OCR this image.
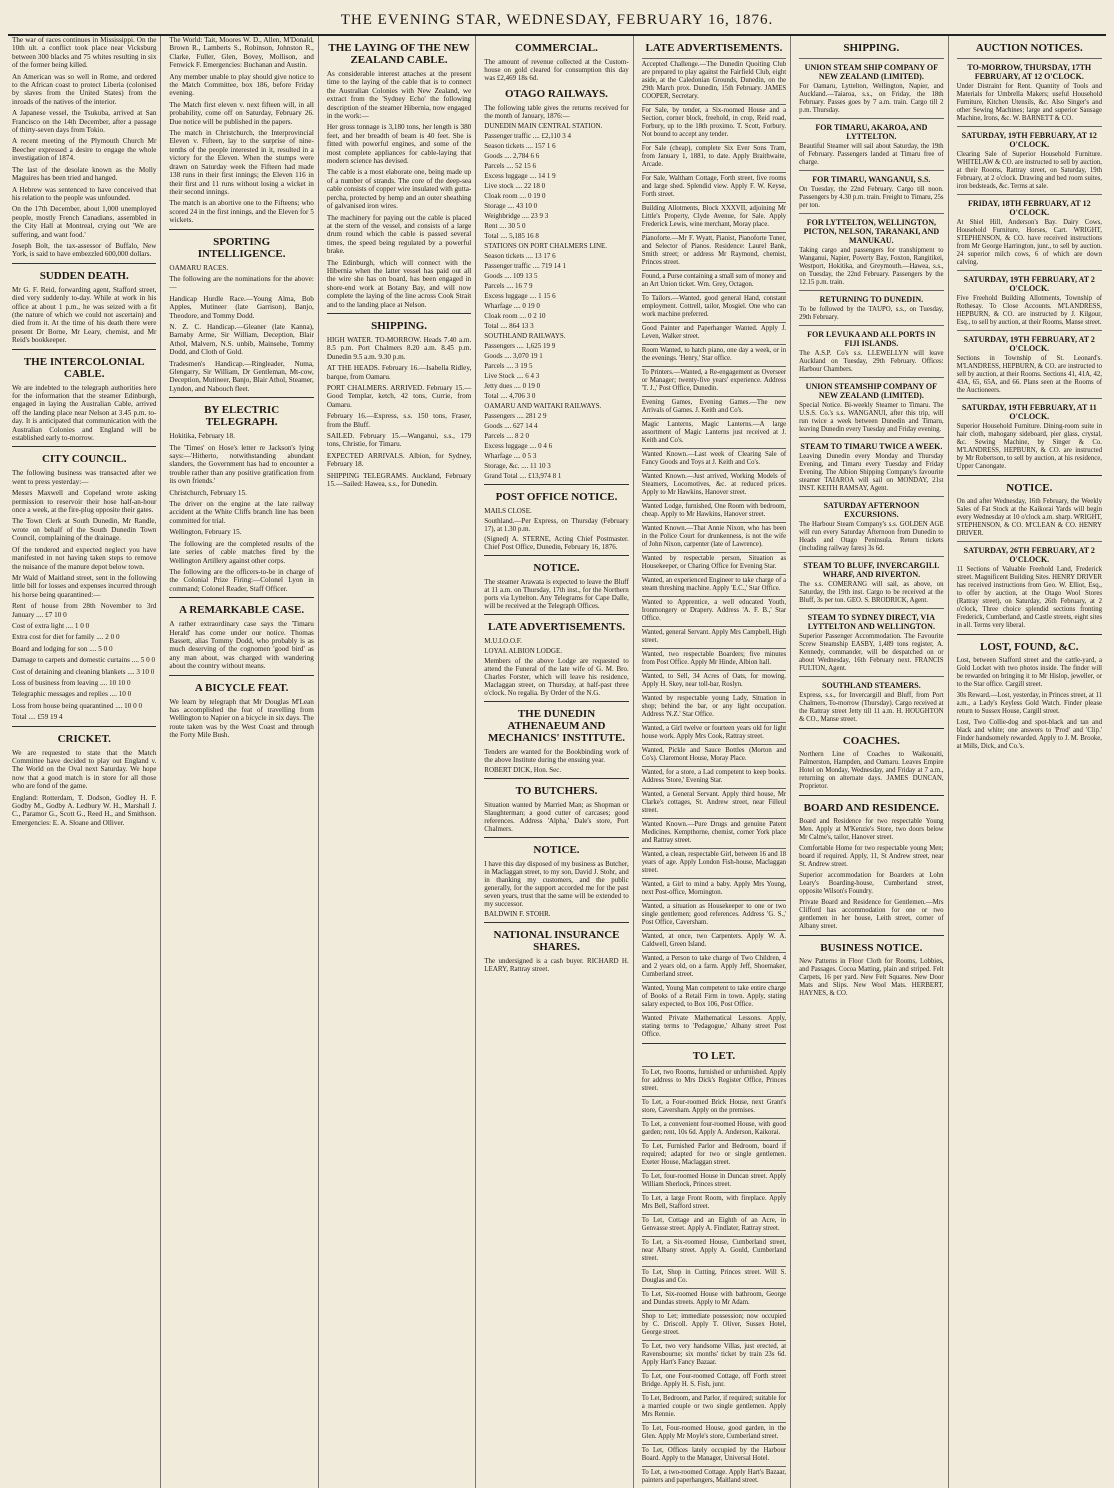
THE EVENING STAR, WEDNESDAY, FEBRUARY 16, 1876.

The war of races continues in Mississippi. On the 10th ult. a conflict took place near Vicksburg between 300 blacks and 75 whites resulting in six of the former being killed.

An American was so well in Rome, and ordered to the African coast to protect Liberia (colonised by slaves from the United States) from the inroads of the natives of the interior.

A Japanese vessel, the Tsukuba, arrived at San Francisco on the 14th December, after a passage of thirty-seven days from Tokio.

A recent meeting of the Plymouth Church Mr Beecher expressed a desire to engage the whole investigation of 1874.

The last of the desolate known as the Molly Maguires has been tried and hanged.

A Hebrew was sentenced to have conceived that his relation to the people was unfounded.

On the 17th December, about 1,000 unemployed people, mostly French Canadians, assembled in the City Hall at Montreal, crying out 'We are suffering, and want food.'

Joseph Bolt, the tax-assessor of Buffalo, New York, is said to have embezzled 600,000 dollars.

SUDDEN DEATH.

Mr G. F. Reid, forwarding agent, Stafford street, died very suddenly to-day. While at work in his office at about 1 p.m., he was seized with a fit (the nature of which we could not ascertain) and died from it. At the time of his death there were present Dr Borne, Mr Leary, chemist, and Mr Reid's bookkeeper.

THE INTERCOLONIAL CABLE.

We are indebted to the telegraph authorities here for the information that the steamer Edinburgh, engaged in laying the Australian Cable, arrived off the landing place near Nelson at 3.45 p.m. to-day. It is anticipated that communication with the Australian Colonies and England will be established early to-morrow.

CITY COUNCIL.

The following business was transacted after we went to press yesterday:—

Messrs Maxwell and Copeland wrote asking permission to reservoir their hose half-an-hour once a week, at the fire-plug opposite their gates.

The Town Clerk at South Dunedin, Mr Randle, wrote on behalf of the South Dunedin Town Council, complaining of the drainage.

Of the tendered and expected neglect you have manifested in not having taken steps to remove the nuisance of the manure depot below town.

Mr Wald of Maitland street, sent in the following little bill for losses and expenses incurred through his horse being quarantined:—

Rent of house from 28th November to 3rd January .... £7 10 0

Cost of extra light .... 1 0 0

Extra cost for diet for family .... 2 0 0

Board and lodging for son .... 5 0 0

Damage to carpets and domestic curtains .... 5 0 0

Cost of detaining and cleaning blankets .... 3 10 0

Loss of business from leaving .... 10 10 0

Telegraphic messages and replies .... 10 0

Loss from house being quarantined .... 10 0 0

Total .... £59 19 4

CRICKET.

We are requested to state that the Match Committee have decided to play out England v. The World on the Oval next Saturday. We hope now that a good match is in store for all those who are fond of the game.

England: Rotterdam, T. Dodson, Godley H. F. Godby M., Godby A. Ledbury W. H., Marshall J. C., Paramor G., Scott G., Reed H., and Smithson. Emergencies: E. A. Sloane and Olliver.

The World: Tait, Moores W. D., Allen, M'Donald, Brown R., Lamberts S., Robinson, Johnston R., Clarke, Fuller, Glen, Bovey, Mollison, and Fenwick F. Emergencies: Buchanan and Austin.

Any member unable to play should give notice to the Match Committee, box 186, before Friday evening.

The Match first eleven v. next fifteen will, in all probability, come off on Saturday, February 26. Due notice will be published in the papers.

The match in Christchurch, the Interprovincial Eleven v. Fifteen, lay to the surprise of nine-tenths of the people interested in it, resulted in a victory for the Eleven. When the stumps were drawn on Saturday week the Fifteen had made 138 runs in their first innings; the Eleven 116 in their first and 11 runs without losing a wicket in their second innings.

The match is an abortive one to the Fifteens; who scored 24 in the first innings, and the Eleven for 5 wickets.

SPORTING INTELLIGENCE.

OAMARU RACES.

The following are the nominations for the above:—

Handicap Hurdle Race.—Young Alma, Bob Apples, Mutineer (late Garrison), Banjo, Theodore, and Tommy Dodd.

N. Z. C. Handicap.—Gleaner (late Kanna), Barnaby Arme, Sir William, Deception, Blair Athol, Malvern, N.S. unbib, Mainsehe, Tommy Dodd, and Cloth of Gold.

Tradesmen's Handicap.—Ringleader, Numa, Glengarry, Sir William, Dr Gentleman, Mt-cow, Deception, Mutineer, Banjo, Blair Athol, Steamer, Lyndon, and Nabouch fleet.

BY ELECTRIC TELEGRAPH.

Hokitika, February 18.

The 'Times' on Hose's letter re Jackson's lying says:—'Hitherto, notwithstanding abundant slanders, the Government has had to encounter a trouble rather than any positive gratification from its own friends.'

Christchurch, February 15.

The driver on the engine at the late railway accident at the White Cliffs branch line has been committed for trial.

Wellington, February 15.

The following are the completed results of the late series of cable matches fired by the Wellington Artillery against other corps.

The following are the officers-to-be in charge of the Colonial Prize Firing:—Colonel Lyon in command; Colonel Reader, Staff Officer.

A REMARKABLE CASE.

A rather extraordinary case says the 'Timaru Herald' has come under our notice. Thomas Bassett, alias Tommy Dodd, who probably is as much deserving of the cognomen 'good bird' as any man about, was charged with wandering about the country without means.

A BICYCLE FEAT.

We learn by telegraph that Mr Douglas M'Lean has accomplished the feat of travelling from Wellington to Napier on a bicycle in six days. The route taken was by the West Coast and through the Forty Mile Bush.

THE LAYING OF THE NEW ZEALAND CABLE.

As considerable interest attaches at the present time to the laying of the cable that is to connect the Australian Colonies with New Zealand, we extract from the 'Sydney Echo' the following description of the steamer Hibernia, now engaged in the work:—

Her gross tonnage is 3,180 tons, her length is 380 feet, and her breadth of beam is 40 feet. She is fitted with powerful engines, and some of the most complete appliances for cable-laying that modern science has devised.

The cable is a most elaborate one, being made up of a number of strands. The core of the deep-sea cable consists of copper wire insulated with gutta-percha, protected by hemp and an outer sheathing of galvanised iron wires.

The machinery for paying out the cable is placed at the stern of the vessel, and consists of a large drum round which the cable is passed several times, the speed being regulated by a powerful brake.

The Edinburgh, which will connect with the Hibernia when the latter vessel has paid out all the wire she has on board, has been engaged in shore-end work at Botany Bay, and will now complete the laying of the line across Cook Strait and to the landing place at Nelson.

SHIPPING.

HIGH WATER. TO-MORROW. Heads 7.40 a.m. 8.5 p.m. Port Chalmers 8.20 a.m. 8.45 p.m. Dunedin 9.5 a.m. 9.30 p.m.

AT THE HEADS. February 16.—Isabella Ridley, barque, from Oamaru.

PORT CHALMERS. ARRIVED. February 15.—Good Templar, ketch, 42 tons, Currie, from Oamaru.

February 16.—Express, s.s. 150 tons, Fraser, from the Bluff.

SAILED. February 15.—Wanganui, s.s., 179 tons, Christie, for Timaru.

EXPECTED ARRIVALS. Albion, for Sydney, February 18.

SHIPPING TELEGRAMS. Auckland, February 15.—Sailed: Hawea, s.s., for Dunedin.

COMMERCIAL.

The amount of revenue collected at the Custom-house on gold cleared for consumption this day was £2,469 18s 6d.

OTAGO RAILWAYS.

The following table gives the returns received for the month of January, 1876:—

DUNEDIN MAIN CENTRAL STATION.

Passenger traffic .... £2,110 3 4

Season tickets .... 157 1 6

Goods .... 2,784 6 6

Parcels .... 52 15 6

Excess luggage .... 14 1 9

Live stock .... 22 18 0

Cloak room .... 0 19 0

Storage .... 43 10 0

Weighbridge .... 23 9 3

Rent .... 30 5 0

Total .... 5,185 16 8

STATIONS ON PORT CHALMERS LINE.

Season tickets .... 13 17 6

Passenger traffic .... 719 14 1

Goods .... 109 13 5

Parcels .... 16 7 9

Excess luggage .... 1 15 6

Wharfage .... 0 19 0

Cloak room .... 0 2 10

Total .... 864 13 3

SOUTHLAND RAILWAYS.

Passengers .... 1,625 19 9

Goods .... 3,070 19 1

Parcels .... 3 19 5

Live Stock .... 6 4 3

Jetty dues .... 0 19 0

Total .... 4,706 3 0

OAMARU AND WAITAKI RAILWAYS.

Passengers .... 281 2 9

Goods .... 627 14 4

Parcels .... 8 2 0

Excess luggage .... 0 4 6

Wharfage .... 0 5 3

Storage, &c. .... 11 10 3

Grand Total .... £13,974 8 1

POST OFFICE NOTICE.

MAILS CLOSE.

Southland.—Per Express, on Thursday (February 17), at 1.30 p.m.

(Signed) A. STERNE, Acting Chief Postmaster. Chief Post Office, Dunedin, February 16, 1876.

NOTICE.

The steamer Arawata is expected to leave the Bluff at 11 a.m. on Thursday, 17th inst., for the Northern ports via Lyttelton. Any Telegrams for Cape Dalle, will be received at the Telegraph Offices.

LATE ADVERTISEMENTS.

M.U.I.O.O.F.

LOYAL ALBION LODGE.

Members of the above Lodge are requested to attend the Funeral of the late wife of G. M. Bro. Charles Forster, which will leave his residence, Maclaggan street, on Thursday, at half-past three o'clock. No regalia. By Order of the N.G.

THE DUNEDIN ATHENAEUM AND MECHANICS' INSTITUTE.

Tenders are wanted for the Bookbinding work of the above Institute during the ensuing year.

ROBERT DICK, Hon. Sec.

TO BUTCHERS.

Situation wanted by Married Man; as Shopman or Slaughterman; a good cutter of carcases; good references. Address 'Alpha,' Dale's store, Port Chalmers.

NOTICE.

I have this day disposed of my business as Butcher, in Maclaggan street, to my son, David J. Stohr, and in thanking my customers, and the public generally, for the support accorded me for the past seven years, trust that the same will be extended to my successor.

BALDWIN F. STOHR.

NATIONAL INSURANCE SHARES.

The undersigned is a cash buyer. RICHARD H. LEARY, Rattray street.

LATE ADVERTISEMENTS.

Accepted Challenge.—The Dunedin Quoiting Club are prepared to play against the Fairfield Club, eight aside, at the Caledonian Grounds, Dunedin, on the 29th March prox. Dunedin, 15th February. JAMES COOPER, Secretary.

For Sale, by tender, a Six-roomed House and a Section, corner block, freehold, in crop, Reid road, Forbury, up to the 18th proximo. T. Scott, Forbury. Not bound to accept any tender.

For Sale (cheap), complete Six Ever Sons Tram, from January 1, 1881, to date. Apply Braithwaite, Arcade.

For Sale, Waltham Cottage, Forth street, five rooms and large shed. Splendid view. Apply F. W. Keyse, Forth street.

Building Allotments, Block XXXVII, adjoining Mr Little's Property, Clyde Avenue, for Sale. Apply Frederick Lewis, wine merchant, Moray place.

Pianoforte.—Mr F. Wyatt, Pianist, Pianoforte Tuner, and Selector of Pianos. Residence: Laurel Bank, Smith street; or address Mr Raymond, chemist, Princes street.

Found, a Purse containing a small sum of money and an Art Union ticket. Wm. Grey, Octagon.

To Tailors.—Wanted, good general Hand, constant employment. Cottrell, tailor, Mosgiel. One who can work machine preferred.

Good Painter and Paperhanger Wanted. Apply J. Leven, Walker street.

Room Wanted, to hatch piano, one day a week, or in the evenings. 'Henry,' Star office.

To Printers.—Wanted, a Re-engagement as Overseer or Manager; twenty-five years' experience. Address 'T. J.,' Post Office, Dunedin.

Evening Games, Evening Games.—The new Arrivals of Games. J. Keith and Co's.

Magic Lanterns, Magic Lanterns.—A large assortment of Magic Lanterns just received at J. Keith and Co's.

Wanted Known.—Last week of Clearing Sale of Fancy Goods and Toys at J. Keith and Co's.

Wanted Known.—Just arrived, Working Models of Steamers, Locomotives, &c. at reduced prices. Apply to Mr Hawkins, Hanover street.

Wanted Lodge, furnished, One Room with bedroom, cheap. Apply to Mr Hawkins, Hanover street.

Wanted Known.—That Annie Nixon, who has been in the Police Court for drunkenness, is not the wife of John Nixon, carpenter (late of Lawrence).

Wanted by respectable person, Situation as Housekeeper, or Charing Office for Evening Star.

Wanted, an experienced Engineer to take charge of a steam threshing machine. Apply 'E.C.,' Star Office.

Wanted to Apprentice, a well educated Youth, Ironmongery or Drapery. Address 'A. F. B.,' Star Office.

Wanted, general Servant. Apply Mrs Campbell, High street.

Wanted, two respectable Boarders; five minutes from Post Office. Apply Mr Hinde, Albion hall.

Wanted, to Sell, 34 Acres of Oats, for mowing. Apply H. Skey, near toll-bar, Roslyn.

Wanted by respectable young Lady, Situation in shop; behind the bar, or any light occupation. Address 'N.Z.' Star Office.

Wanted, a Girl twelve or fourteen years old for light house work. Apply Mrs Cook, Rattray street.

Wanted, Pickle and Sauce Bottles (Morton and Co's). Claremont House, Moray Place.

Wanted, for a store, a Lad competent to keep books. Address 'Store,' Evening Star.

Wanted, a General Servant. Apply third house, Mr Clarke's cottages, St. Andrew street, near Filleul street.

Wanted Known.—Pure Drugs and genuine Patent Medicines. Kempthorne, chemist, corner York place and Rattray street.

Wanted, a clean, respectable Girl, between 16 and 18 years of age. Apply London Fish-house, Maclaggan street.

Wanted, a Girl to mind a baby. Apply Mrs Young, next Post-office, Mornington.

Wanted, a situation as Housekeeper to one or two single gentlemen; good references. Address 'G. S.,' Post Office, Caversham.

Wanted, at once, two Carpenters. Apply W. A. Caldwell, Green Island.

Wanted, a Person to take charge of Two Children, 4 and 2 years old, on a farm. Apply Jeff, Shoemaker, Cumberland street.

Wanted, Young Man competent to take entire charge of Books of a Retail Firm in town. Apply, stating salary expected, to Box 106, Post Office.

Wanted Private Mathematical Lessons. Apply, stating terms to 'Pedagogue,' Albany street Post Office.

TO LET.

To Let, two Rooms, furnished or unfurnished. Apply for address to Mrs Dick's Register Office, Princes street.

To Let, a Four-roomed Brick House, next Grant's store, Caversham. Apply on the premises.

To Let, a convenient four-roomed House, with good garden; rent, 10s 6d. Apply A. Anderson, Kaikorai.

To Let, Furnished Parlor and Bedroom, board if required; adapted for two or single gentlemen. Exeter House, Maclaggan street.

To Let, four-roomed House in Duncan street. Apply William Sherlock, Princes street.

To Let, a large Front Room, with fireplace. Apply Mrs Bell, Stafford street.

To Let, Cottage and an Eighth of an Acre, in Genvasse street. Apply A. Findlater, Rattray street.

To Let, a Six-roomed House, Cumberland street, near Albany street. Apply A. Gould, Cumberland street.

To Let, Shop in Cutting, Princes street. Will S. Douglas and Co.

To Let, Six-roomed House with bathroom, George and Dundas streets. Apply to Mr Adam.

Shop to Let; immediate possession; now occupied by C. Driscoll. Apply T. Oliver, Sussex Hotel, George street.

To Let, two very handsome Villas, just erected, at Ravensbourne; six months' ticket by train 23s 6d. Apply Hart's Fancy Bazaar.

To Let, one Four-roomed Cottage, off Forth street Bridge. Apply H. S. Fish, junr.

To Let, Bedroom, and Parlor, if required; suitable for a married couple or two single gentlemen. Apply Mrs Rennie.

To Let, Four-roomed House, good garden, in the Glen. Apply Mr Moyle's store, Cumberland street.

To Let, Offices lately occupied by the Harbour Board. Apply to the Manager, Universal Hotel.

To Let, a two-roomed Cottage. Apply Hart's Bazaar, painters and paperhangers, Maitland street.

SHIPPING.
UNION STEAM SHIP COMPANY OF NEW ZEALAND (LIMITED).

For Oamaru, Lyttelton, Wellington, Napier, and Auckland.—Taiaroa, s.s., on Friday, the 18th February. Passes goes by 7 a.m. train. Cargo till 2 p.m. Thursday.

FOR TIMARU, AKAROA, AND LYTTELTON.

Beautiful Steamer will sail about Saturday, the 19th of February. Passengers landed at Timaru free of charge.

FOR TIMARU, WANGANUI, S.S.

On Tuesday, the 22nd February. Cargo till noon. Passengers by 4.30 p.m. train. Freight to Timaru, 25s per ton.

FOR LYTTELTON, WELLINGTON, PICTON, NELSON, TARANAKI, AND MANUKAU.

Taking cargo and passengers for transhipment to Wanganui, Napier, Poverty Bay, Foxton, Rangitikei, Westport, Hokitika, and Greymouth.—Hawea, s.s., on Tuesday, the 22nd February. Passengers by the 12.15 p.m. train.

RETURNING TO DUNEDIN.

To be followed by the TAUPO, s.s., on Tuesday, 29th February.

FOR LEVUKA AND ALL PORTS IN FIJI ISLANDS.

The A.S.P. Co's s.s. LLEWELLYN will leave Auckland on Tuesday, 29th February. Offices: Harbour Chambers.

UNION STEAMSHIP COMPANY OF NEW ZEALAND (LIMITED).

Special Notice. Bi-weekly Steamer to Timaru. The U.S.S. Co.'s s.s. WANGANUI, after this trip, will run twice a week between Dunedin and Timaru, leaving Dunedin every Tuesday and Friday evening.

STEAM TO TIMARU TWICE A WEEK.

Leaving Dunedin every Monday and Thursday Evening, and Timaru every Tuesday and Friday Evening. The Albion Shipping Company's favourite steamer TAIAROA will sail on MONDAY, 21st INST. KEITH RAMSAY, Agent.

SATURDAY AFTERNOON EXCURSIONS.

The Harbour Steam Company's s.s. GOLDEN AGE will run every Saturday Afternoon from Dunedin to Heads and Otago Peninsula. Return tickets (including railway fares) 3s 6d.

STEAM TO BLUFF, INVERCARGILL WHARF, AND RIVERTON.

The s.s. COMERANG will sail, as above, on Saturday, the 19th inst. Cargo to be received at the Bluff, 3s per ton. GEO. S. BRODRICK, Agent.

STEAM TO SYDNEY DIRECT, VIA LYTTELTON AND WELLINGTON.

Superior Passenger Accommodation. The Favourite Screw Steamship EASBY, 1,489 tons register, A. Kennedy, commander, will be despatched on or about Wednesday, 16th February next. FRANCIS FULTON, Agent.

SOUTHLAND STEAMERS.

Express, s.s., for Invercargill and Bluff, from Port Chalmers, To-morrow (Thursday). Cargo received at the Rattray street Jetty till 11 a.m. H. HOUGHTON & CO., Manse street.

COACHES.

Northern Line of Coaches to Waikouaiti, Palmerston, Hampden, and Oamaru. Leaves Empire Hotel on Monday, Wednesday, and Friday at 7 a.m., returning on alternate days. JAMES DUNCAN, Proprietor.

BOARD AND RESIDENCE.

Board and Residence for two respectable Young Men. Apply at M'Kenzie's Store, two doors below Mr Calme's, tailor, Hanover street.

Comfortable Home for two respectable young Men; board if required. Apply, 11, St Andrew street, near St. Andrew street.

Superior accommodation for Boarders at Lohn Leary's Boarding-house, Cumberland street, opposite Wilson's Foundry.

Private Board and Residence for Gentlemen.—Mrs Clifford has accommodation for one or two gentlemen in her house, Leith street, corner of Albany street.

BUSINESS NOTICE.

New Patterns in Floor Cloth for Rooms, Lobbies, and Passages. Cocoa Matting, plain and striped. Felt Carpets, 16 per yard. New Felt Squares. New Door Mats and Slips. New Wool Mats. HERBERT, HAYNES, & CO.

AUCTION NOTICES.
TO-MORROW, THURSDAY, 17TH FEBRUARY, AT 12 O'CLOCK.

Under Distraint for Rent. Quantity of Tools and Materials for Umbrella Makers; useful Household Furniture, Kitchen Utensils, &c. Also Singer's and other Sewing Machines; large and superior Sausage Machine, Irons, &c. W. BARNETT & CO.

SATURDAY, 19TH FEBRUARY, AT 12 O'CLOCK.

Clearing Sale of Superior Household Furniture. WHITELAW & CO. are instructed to sell by auction, at their Rooms, Rattray street, on Saturday, 19th February, at 2 o'clock. Drawing and bed room suites, iron bedsteads, &c. Terms at sale.

FRIDAY, 18TH FEBRUARY, AT 12 O'CLOCK.

At Shiel Hill, Anderson's Bay. Dairy Cows, Household Furniture, Horses, Cart. WRIGHT, STEPHENSON, & CO. have received instructions from Mr George Harrington, junr., to sell by auction. 24 superior milch cows, 6 of which are down calving.

SATURDAY, 19TH FEBRUARY, AT 2 O'CLOCK.

Five Freehold Building Allotments, Township of Rothesay. To Close Accounts. M'LANDRESS, HEPBURN, & CO. are instructed by J. Kilgour, Esq., to sell by auction, at their Rooms, Manse street.

SATURDAY, 19TH FEBRUARY, AT 2 O'CLOCK.

Sections in Township of St. Leonard's. M'LANDRESS, HEPBURN, & CO. are instructed to sell by auction, at their Rooms. Sections 41, 41A, 42, 43A, 65, 65A, and 66. Plans seen at the Rooms of the Auctioneers.

SATURDAY, 19TH FEBRUARY, AT 11 O'CLOCK.

Superior Household Furniture. Dining-room suite in hair cloth, mahogany sideboard, pier glass, crystal, &c. Sewing Machine, by Singer & Co. M'LANDRESS, HEPBURN, & CO. are instructed by Mr Robertson, to sell by auction, at his residence, Upper Canongate.

NOTICE.

On and after Wednesday, 16th February, the Weekly Sales of Fat Stock at the Kaikorai Yards will begin every Wednesday at 10 o'clock a.m. sharp. WRIGHT, STEPHENSON, & CO. M'CLEAN & CO. HENRY DRIVER.

SATURDAY, 26TH FEBRUARY, AT 2 O'CLOCK.

11 Sections of Valuable Freehold Land, Frederick street. Magnificent Building Sites. HENRY DRIVER has received instructions from Geo. W. Elliot, Esq., to offer by auction, at the Otago Wool Stores (Rattray street), on Saturday, 26th February, at 2 o'clock, Three choice splendid sections fronting Frederick, Cumberland, and Castle streets, eight sites in all. Terms very liberal.

LOST, FOUND, &C.

Lost, between Stafford street and the cattle-yard, a Gold Locket with two photos inside. The finder will be rewarded on bringing it to Mr Hislop, jeweller, or to the Star office. Cargill street.

30s Reward.—Lost, yesterday, in Princes street, at 11 a.m., a Lady's Keyless Gold Watch. Finder please return to Sussex House, Cargill street.

Lost, Two Collie-dog and spot-black and tan and black and white; one answers to 'Prod' and 'Clip.' Finder handsomely rewarded. Apply to J. M. Brooke, at Mills, Dick, and Co.'s.
